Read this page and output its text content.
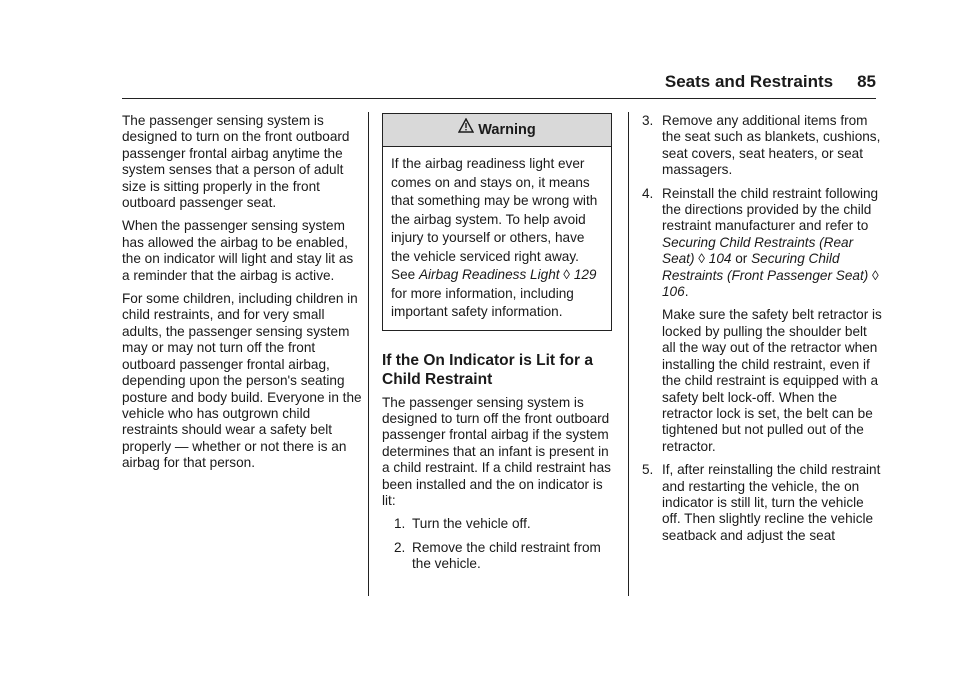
Seats and Restraints 85

The passenger sensing system is designed to turn on the front outboard passenger frontal airbag anytime the system senses that a person of adult size is sitting properly in the front outboard passenger seat.

When the passenger sensing system has allowed the airbag to be enabled, the on indicator will light and stay lit as a reminder that the airbag is active.

For some children, including children in child restraints, and for very small adults, the passenger sensing system may or may not turn off the front outboard passenger frontal airbag, depending upon the person's seating posture and body build. Everyone in the vehicle who has outgrown child restraints should wear a safety belt properly — whether or not there is an airbag for that person.

Warning
If the airbag readiness light ever comes on and stays on, it means that something may be wrong with the airbag system. To help avoid injury to yourself or others, have the vehicle serviced right away. See Airbag Readiness Light ◊ 129 for more information, including important safety information.
If the On Indicator is Lit for a Child Restraint

The passenger sensing system is designed to turn off the front outboard passenger frontal airbag if the system determines that an infant is present in a child restraint. If a child restraint has been installed and the on indicator is lit:

1. Turn the vehicle off.
2. Remove the child restraint from the vehicle.
3. Remove any additional items from the seat such as blankets, cushions, seat covers, seat heaters, or seat massagers.
4. Reinstall the child restraint following the directions provided by the child restraint manufacturer and refer to Securing Child Restraints (Rear Seat) ◊ 104 or Securing Child Restraints (Front Passenger Seat) ◊ 106.

Make sure the safety belt retractor is locked by pulling the shoulder belt all the way out of the retractor when installing the child restraint, even if the child restraint is equipped with a safety belt lock-off. When the retractor lock is set, the belt can be tightened but not pulled out of the retractor.

5. If, after reinstalling the child restraint and restarting the vehicle, the on indicator is still lit, turn the vehicle off. Then slightly recline the vehicle seatback and adjust the seat
